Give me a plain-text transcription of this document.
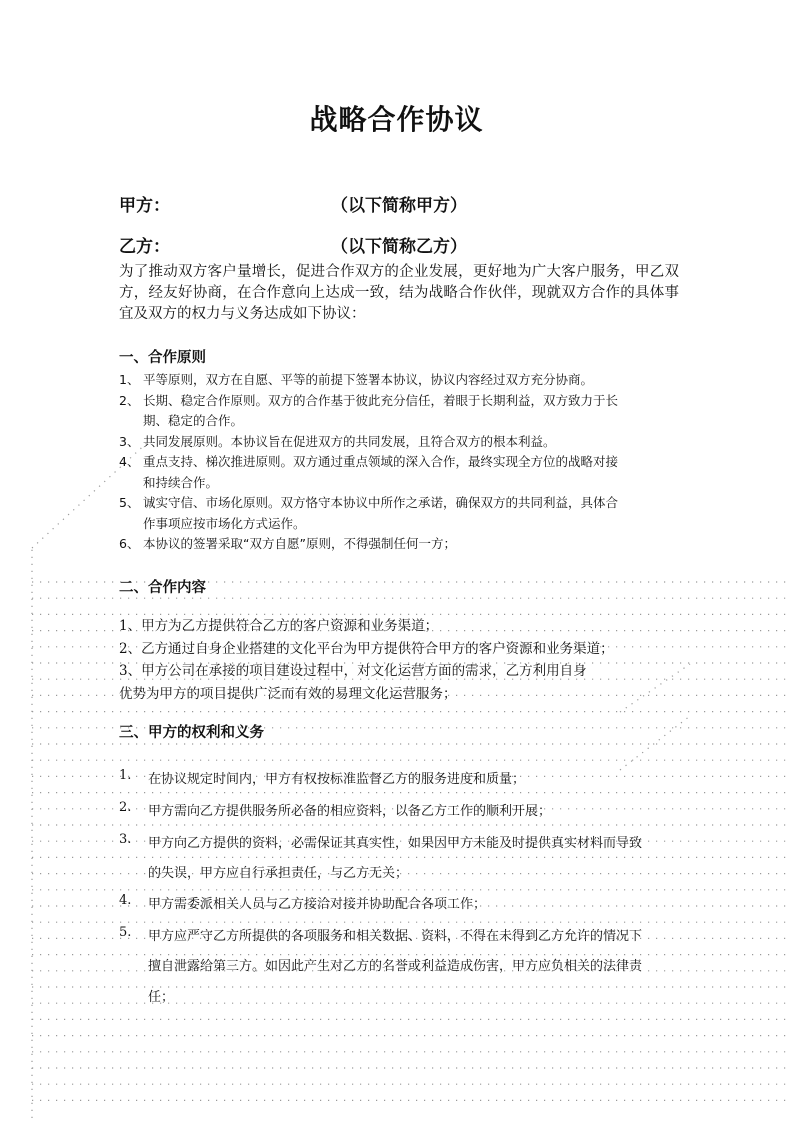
战略合作协议
甲方：	（以下简称甲方）
乙方：	（以下简称乙方）
为了推动双方客户量增长，促进合作双方的企业发展，更好地为广大客户服务，甲乙双方，经友好协商，在合作意向上达成一致，结为战略合作伙伴，现就双方合作的具体事宜及双方的权力与义务达成如下协议：
一、合作原则
1、 平等原则，双方在自愿、平等的前提下签署本协议，协议内容经过双方充分协商。
2、 长期、稳定合作原则。双方的合作基于彼此充分信任，着眼于长期利益，双方致力于长
期、稳定的合作。
3、 共同发展原则。本协议旨在促进双方的共同发展，且符合双方的根本利益。
4、 重点支持、梯次推进原则。双方通过重点领域的深入合作，最终实现全方位的战略对接
和持续合作。
5、 诚实守信、市场化原则。双方恪守本协议中所作之承诺，确保双方的共同利益，具体合
作事项应按市场化方式运作。
6、 本协议的签署采取“双方自愿”原则，不得强制任何一方；
二、合作内容
1、甲方为乙方提供符合乙方的客户资源和业务渠道；
2、乙方通过自身企业搭建的文化平台为甲方提供符合甲方的客户资源和业务渠道；
3、甲方公司在承接的项目建设过程中，对文化运营方面的需求，乙方利用自身
优势为甲方的项目提供广泛而有效的易理文化运营服务；
三、甲方的权利和义务
1. 在协议规定时间内，甲方有权按标准监督乙方的服务进度和质量；
2. 甲方需向乙方提供服务所必备的相应资料，以备乙方工作的顺利开展；
3. 甲方向乙方提供的资料，必需保证其真实性，如果因甲方未能及时提供真实材料而导致
的失误，甲方应自行承担责任，与乙方无关；
4. 甲方需委派相关人员与乙方接洽对接并协助配合各项工作；
5. 甲方应严守乙方所提供的各项服务和相关数据、资料，不得在未得到乙方允许的情况下
擅自泄露给第三方。如因此产生对乙方的名誉或利益造成伤害，甲方应负相关的法律责
任；
